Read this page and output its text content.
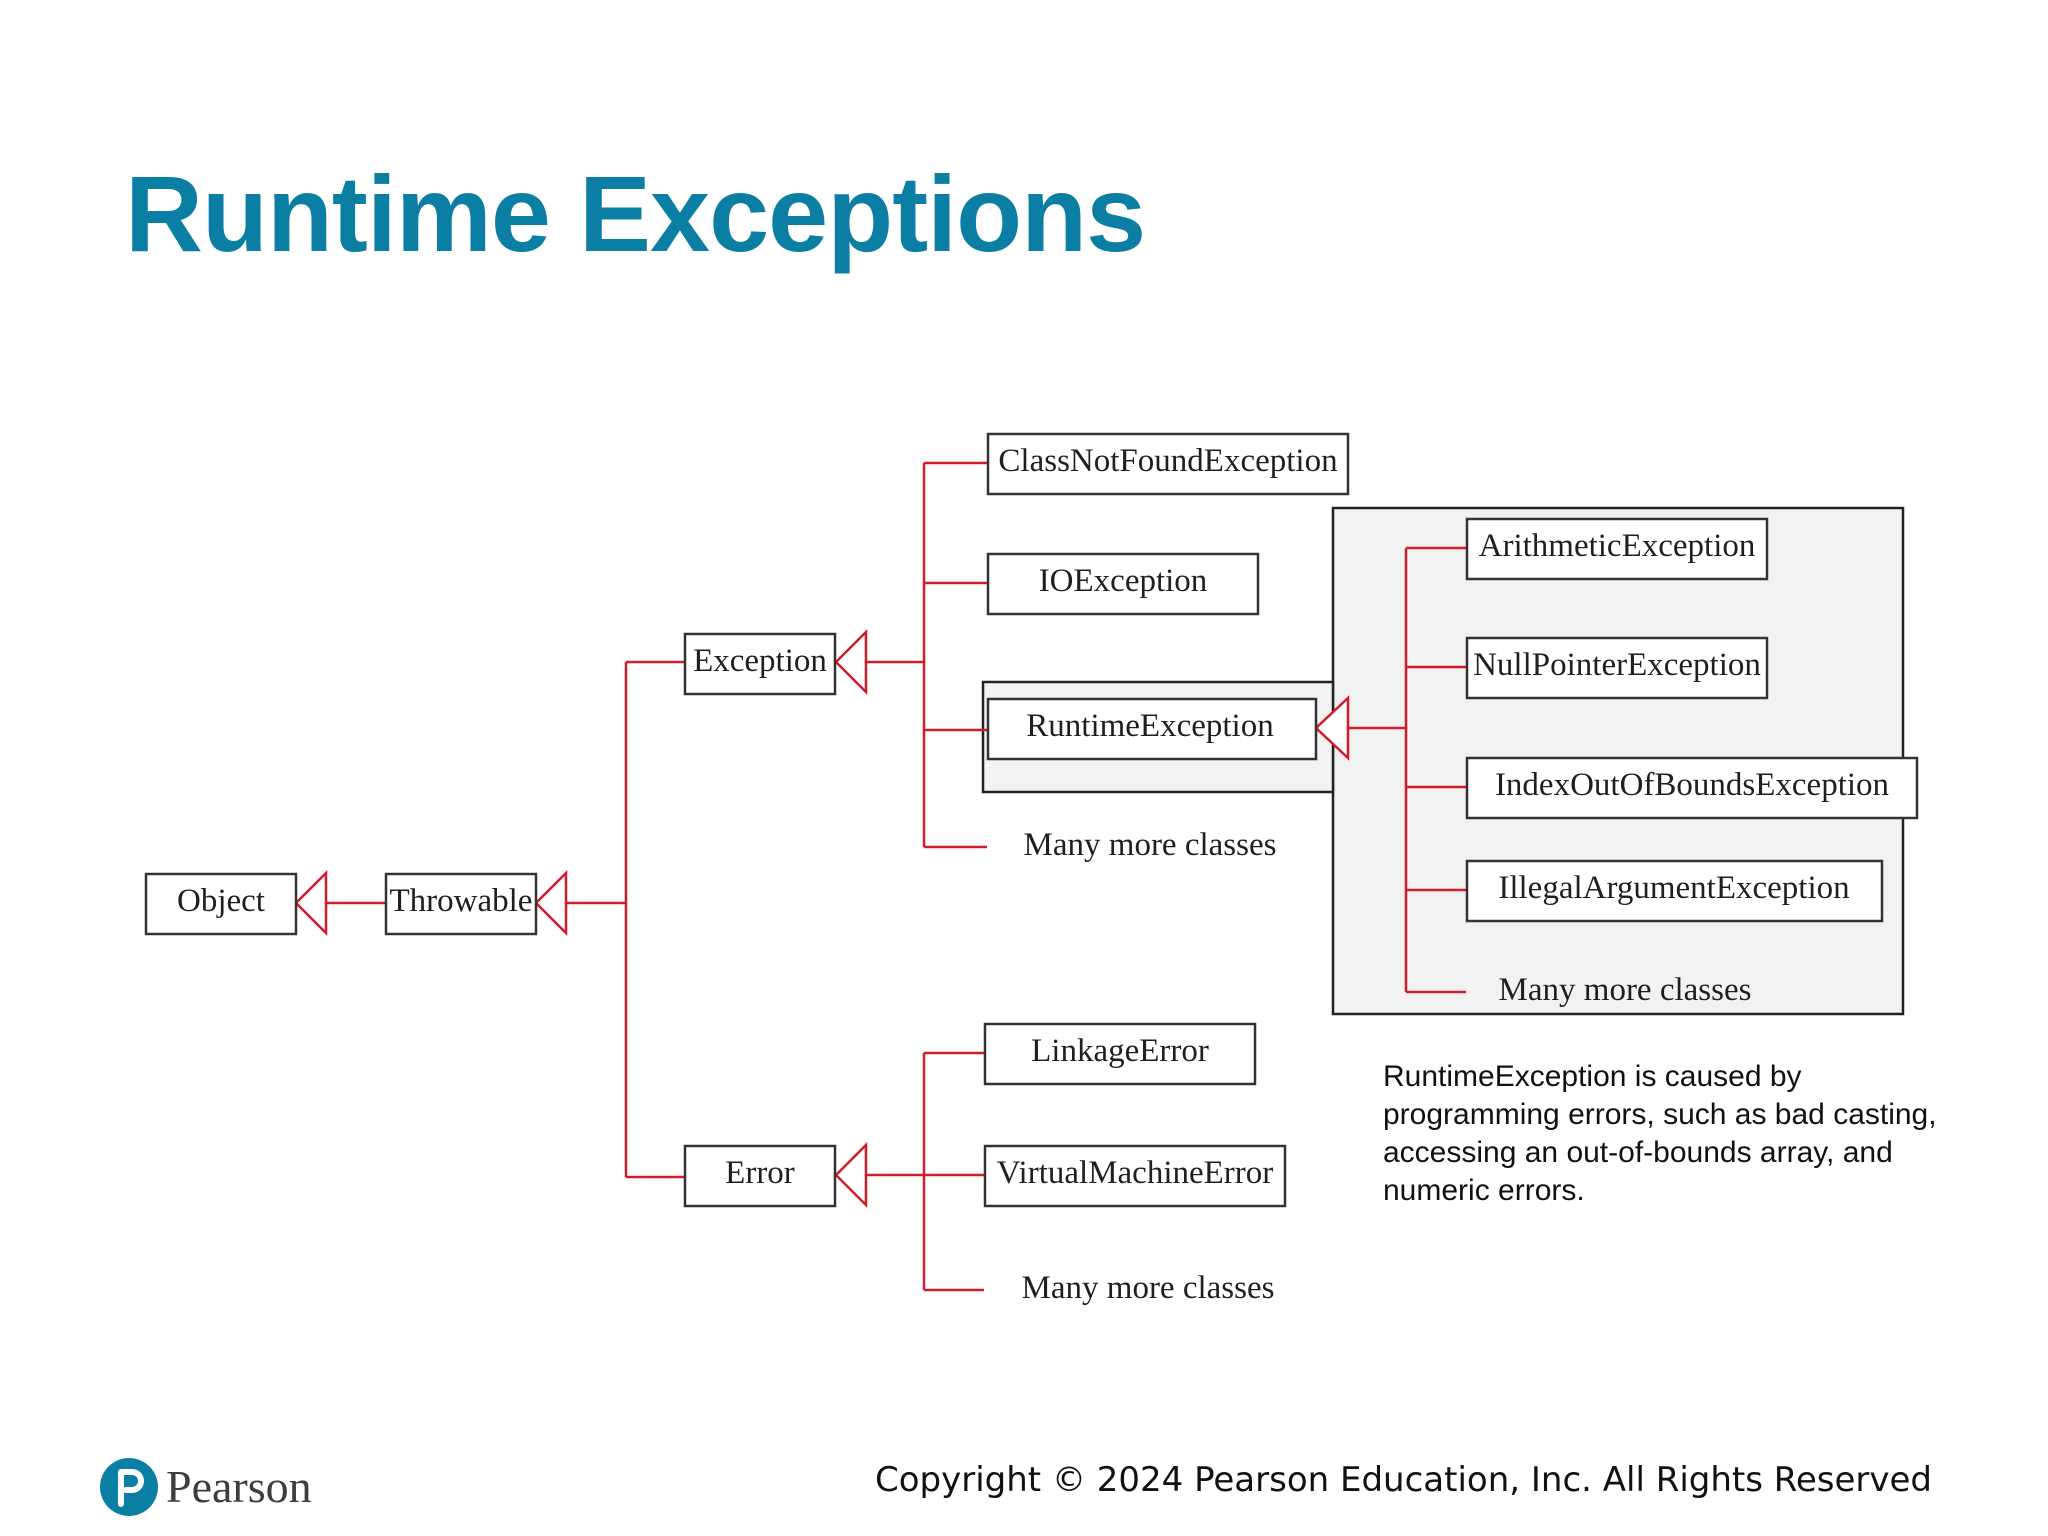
Runtime Exceptions
Object	Throwable
Exception
Error
ClassNotFoundException
IOException
RuntimeException
Many more classes
ArithmeticException
NullPointerException
IndexOutOfBoundsException
IllegalArgumentException
Many more classes
LinkageError
VirtualMachineError
Many more classes

RuntimeException is caused by programming errors, such as bad casting, accessing an out-of-bounds array, and numeric errors.

Pearson	Copyright © 2024 Pearson Education, Inc. All Rights Reserved
